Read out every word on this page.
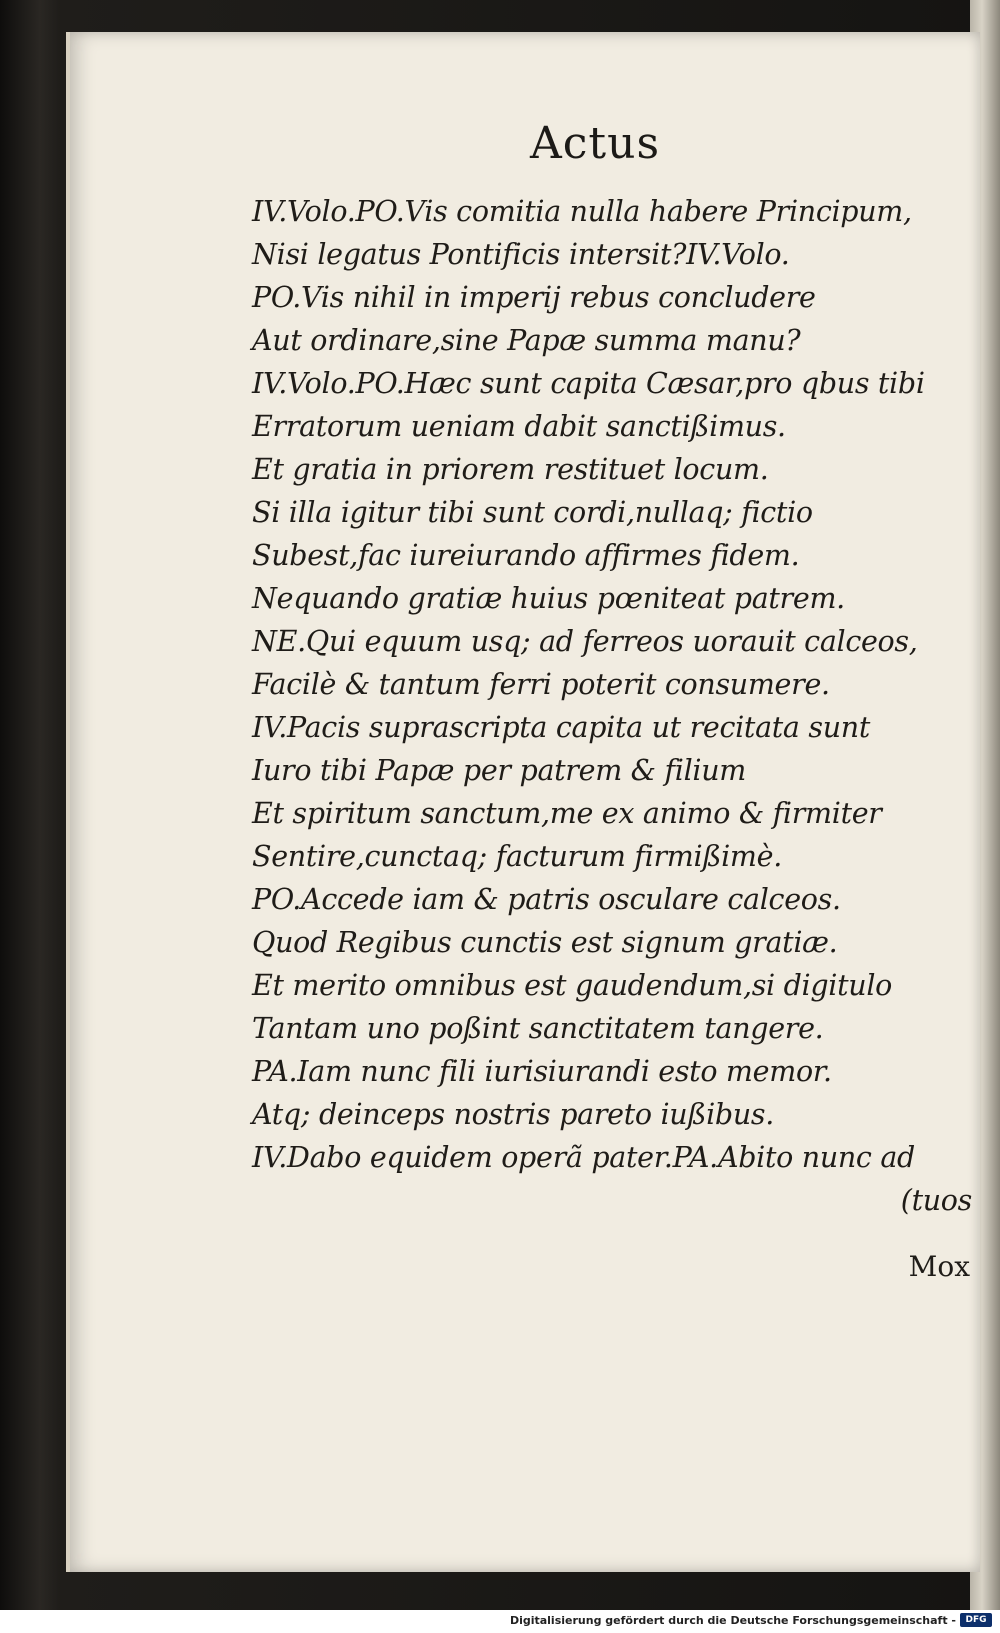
Actus
IV.Volo.PO.Vis comitia nulla habere Principum,
Nisi legatus Pontificis intersit?IV.Volo.
PO.Vis nihil in imperij rebus concludere
Aut ordinare,sine Papæ summa manu?
IV.Volo.PO.Hæc sunt capita Cæsar,pro qbus tibi
Erratorum ueniam dabit sanctißimus.
Et gratia in priorem restituet locum.
Si illa igitur tibi sunt cordi,nullaq; fictio
Subest,fac iureiurando affirmes fidem.
Nequando gratiæ huius pœniteat patrem.
NE.Qui equum usq; ad ferreos uorauit calceos,
Facilè & tantum ferri poterit consumere.
IV.Pacis suprascripta capita ut recitata sunt
Iuro tibi Papæ per patrem & filium
Et spiritum sanctum,me ex animo & firmiter
Sentire,cunctaq; facturum firmißimè.
PO.Accede iam & patris osculare calceos.
Quod Regibus cunctis est signum gratiæ.
Et merito omnibus est gaudendum,si digitulo
Tantam uno poßint sanctitatem tangere.
PA.Iam nunc fili iurisiurandi esto memor.
Atq; deinceps nostris pareto iußibus.
IV.Dabo equidem operã pater.PA.Abito nunc ad
(tuos
Mox
Digitalisierung gefördert durch die Deutsche Forschungsgemeinschaft -	DFG
